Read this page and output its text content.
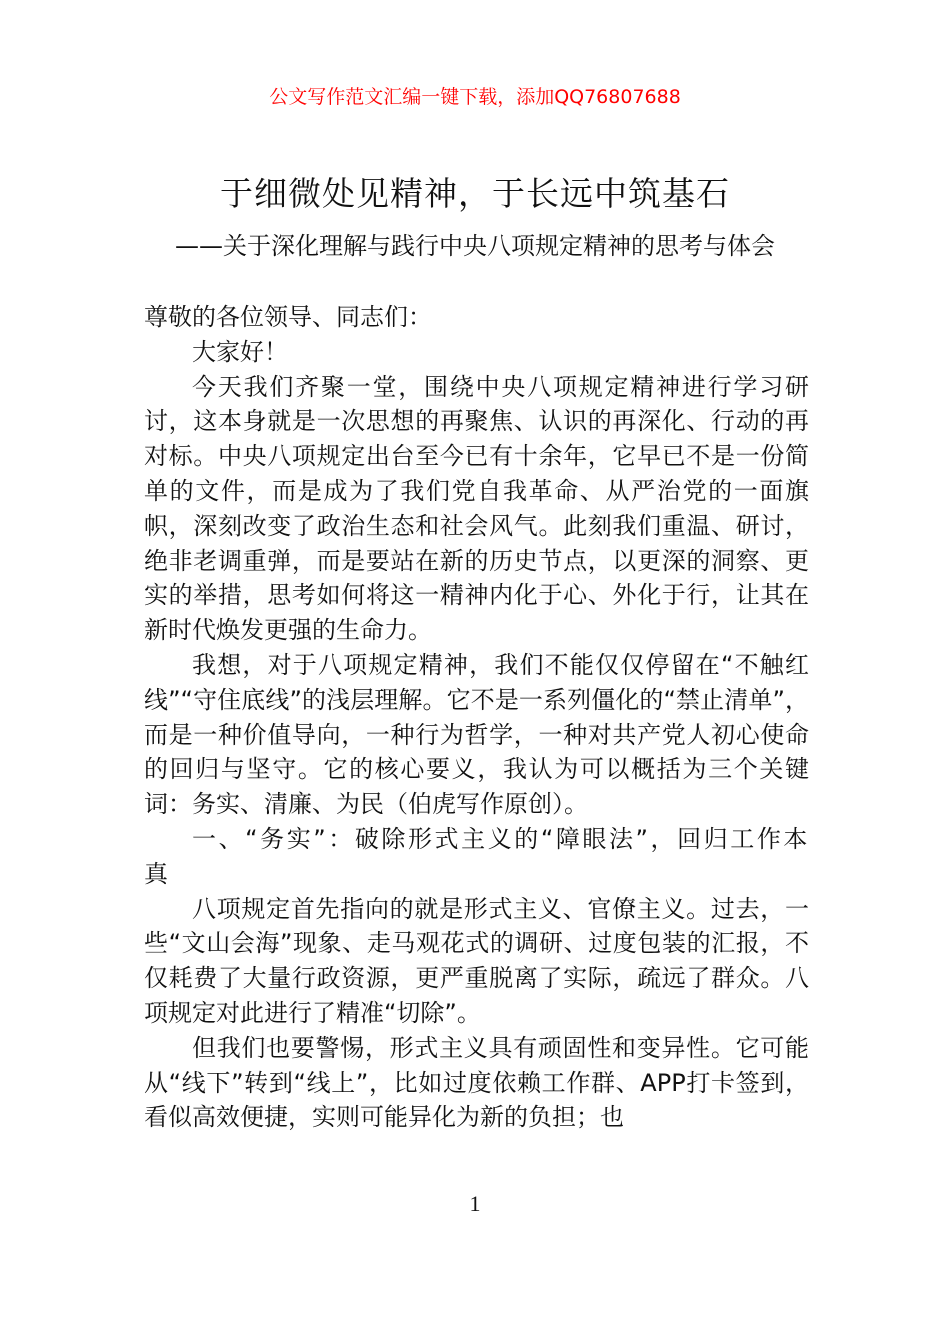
公文写作范文汇编一键下载，添加QQ76807688
于细微处见精神，于长远中筑基石
——关于深化理解与践行中央八项规定精神的思考与体会

尊敬的各位领导、同志们：

大家好！

今天我们齐聚一堂，围绕中央八项规定精神进行学习研讨，这本身就是一次思想的再聚焦、认识的再深化、行动的再对标。中央八项规定出台至今已有十余年，它早已不是一份简单的文件，而是成为了我们党自我革命、从严治党的一面旗帜，深刻改变了政治生态和社会风气。此刻我们重温、研讨，绝非老调重弹，而是要站在新的历史节点，以更深的洞察、更实的举措，思考如何将这一精神内化于心、外化于行，让其在新时代焕发更强的生命力。

我想，对于八项规定精神，我们不能仅仅停留在“不触红线”“守住底线”的浅层理解。它不是一系列僵化的“禁止清单”，而是一种价值导向，一种行为哲学，一种对共产党人初心使命的回归与坚守。它的核心要义，我认为可以概括为三个关键词：务实、清廉、为民（伯虎写作原创）。

一、“务实”：破除形式主义的“障眼法”，回归工作本真

八项规定首先指向的就是形式主义、官僚主义。过去，一些“文山会海”现象、走马观花式的调研、过度包装的汇报，不仅耗费了大量行政资源，更严重脱离了实际，疏远了群众。八项规定对此进行了精准“切除”。

但我们也要警惕，形式主义具有顽固性和变异性。它可能从“线下”转到“线上”，比如过度依赖工作群、APP打卡签到，看似高效便捷，实则可能异化为新的负担；也

1
